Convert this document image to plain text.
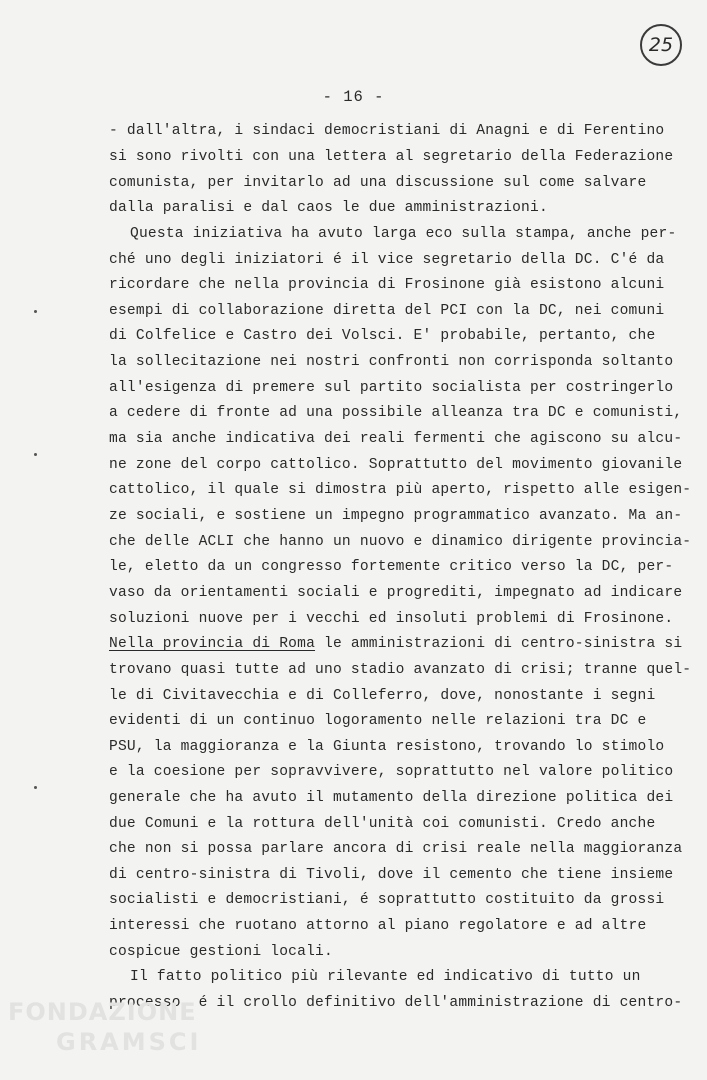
25
- 16 -
- dall'altra, i sindaci democristiani di Anagni e di Ferentino
si sono rivolti con una lettera al segretario della Federazione
comunista, per invitarlo ad una discussione sul come salvare
dalla paralisi e dal caos le due amministrazioni.
Questa iniziativa ha avuto larga eco sulla stampa, anche per-
ché uno degli iniziatori é il vice segretario della DC. C'é da
ricordare che nella provincia di Frosinone già esistono alcuni
esempi di collaborazione diretta del PCI con la DC, nei comuni
di Colfelice e Castro dei Volsci. E' probabile, pertanto, che
la sollecitazione nei nostri confronti non corrisponda soltanto
all'esigenza di premere sul partito socialista per costringerlo
a cedere di fronte ad una possibile alleanza tra DC e comunisti,
ma sia anche indicativa dei reali fermenti che agiscono su alcu-
ne zone del corpo cattolico. Soprattutto del movimento giovanile
cattolico, il quale si dimostra più aperto, rispetto alle esigen-
ze sociali, e sostiene un impegno programmatico avanzato. Ma an-
che delle ACLI che hanno un nuovo e dinamico dirigente provincia-
le, eletto da un congresso fortemente critico verso la DC, per-
vaso da orientamenti sociali e progrediti, impegnato ad indicare
soluzioni nuove per i vecchi ed insoluti problemi di Frosinone.
Nella provincia di Roma le amministrazioni di centro-sinistra si
trovano quasi tutte ad uno stadio avanzato di crisi; tranne quel-
le di Civitavecchia e di Colleferro, dove, nonostante i segni
evidenti di un continuo logoramento nelle relazioni tra DC e
PSU, la maggioranza e la Giunta resistono, trovando lo stimolo
e la coesione per sopravvivere, soprattutto nel valore politico
generale che ha avuto il mutamento della direzione politica dei
due Comuni e la rottura dell'unità coi comunisti. Credo anche
che non si possa parlare ancora di crisi reale nella maggioranza
di centro-sinistra di Tivoli, dove il cemento che tiene insieme
socialisti e democristiani, é soprattutto costituito da grossi
interessi che ruotano attorno al piano regolatore e ad altre
cospicue gestioni locali.
Il fatto politico più rilevante ed indicativo di tutto un
processo, é il crollo definitivo dell'amministrazione di centro-
FONDAZIONE
GRAMSCI
